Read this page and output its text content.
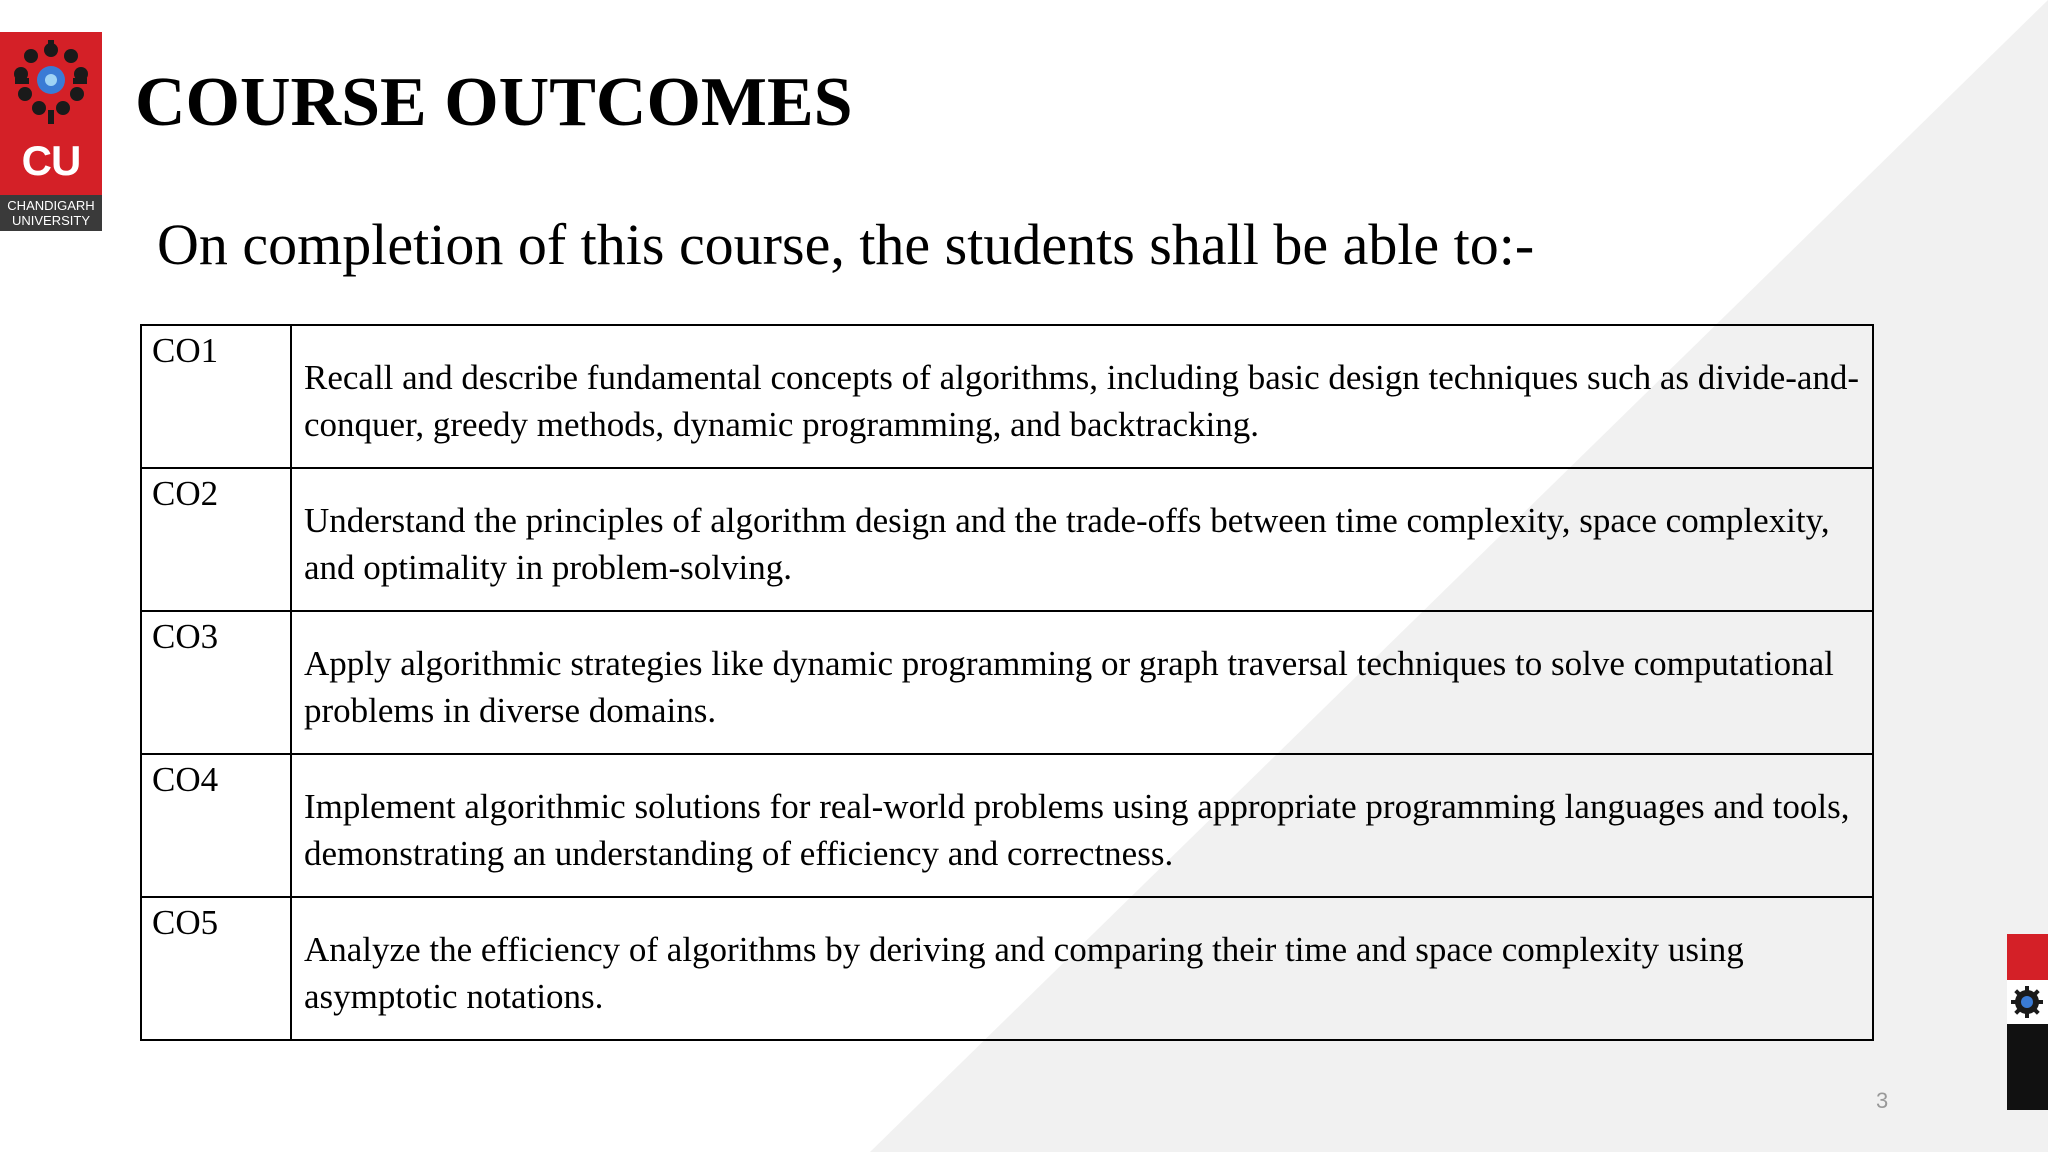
CU
CHANDIGARH
UNIVERSITY
COURSE OUTCOMES

On completion of this course, the students shall be able to:-

CO1	Recall and describe fundamental concepts of algorithms, including basic design techniques such as divide-and-conquer, greedy methods, dynamic programming, and backtracking.
CO2	Understand the principles of algorithm design and the trade-offs between time complexity, space complexity, and optimality in problem-solving.
CO3	Apply algorithmic strategies like dynamic programming or graph traversal techniques to solve computational problems in diverse domains.
CO4	Implement algorithmic solutions for real-world problems using appropriate programming languages and tools, demonstrating an understanding of efficiency and correctness.
CO5	Analyze the efficiency of algorithms by deriving and comparing their time and space complexity using asymptotic notations.
3
